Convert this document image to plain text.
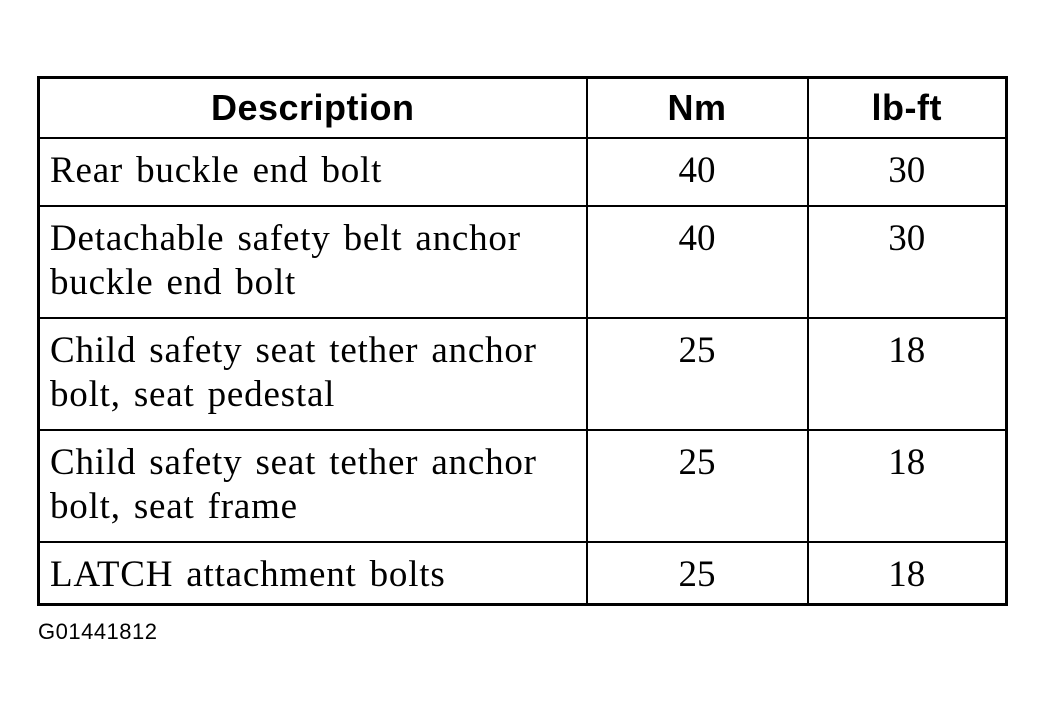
Description	Nm	lb-ft
Rear buckle end bolt	40	30
Detachable safety belt anchor buckle end bolt	40	30
Child safety seat tether anchor bolt, seat pedestal	25	18
Child safety seat tether anchor bolt, seat frame	25	18
LATCH attachment bolts	25	18
G01441812
